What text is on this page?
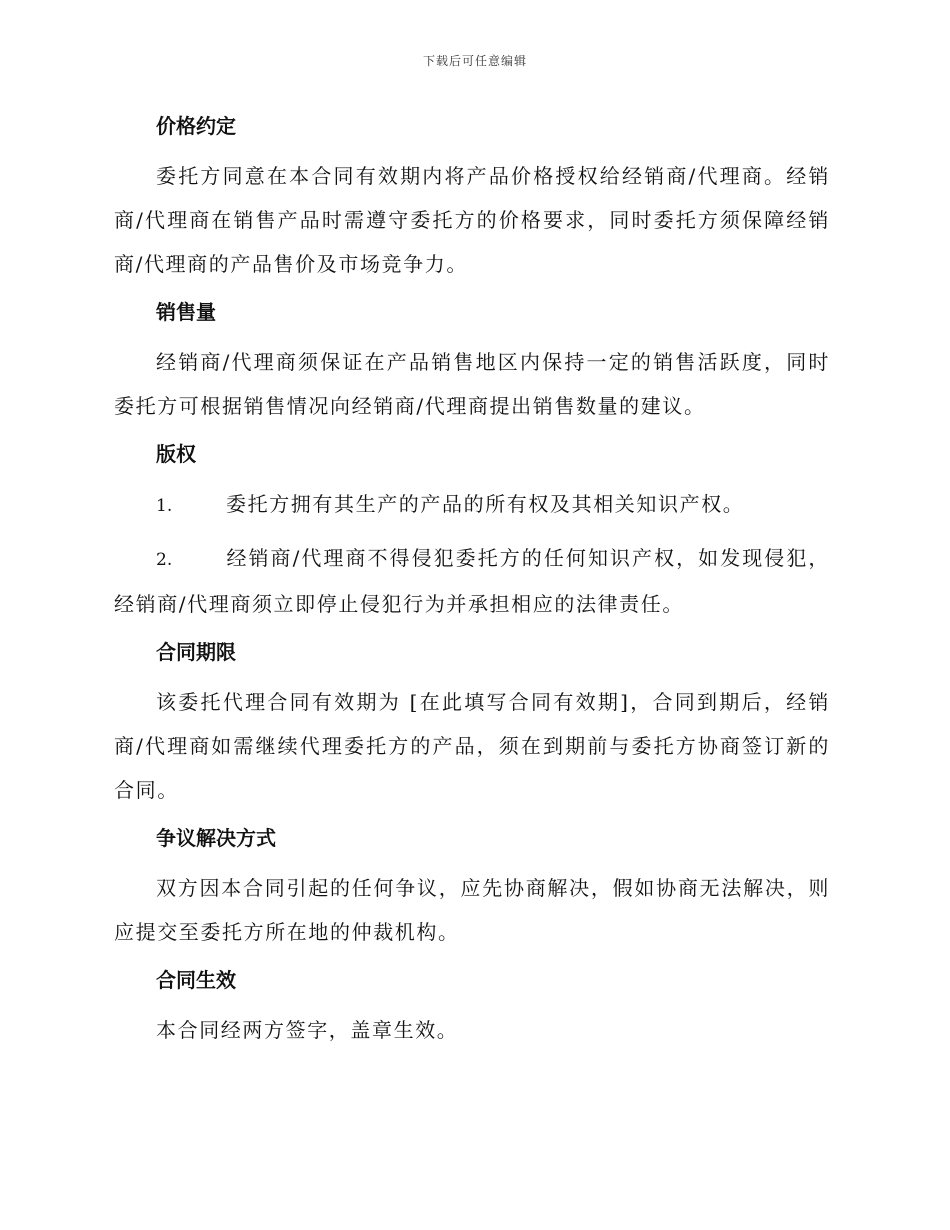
下载后可任意编辑
价格约定

委托方同意在本合同有效期内将产品价格授权给经销商/代理商。经销商/代理商在销售产品时需遵守委托方的价格要求，同时委托方须保障经销商/代理商的产品售价及市场竞争力。

销售量

经销商/代理商须保证在产品销售地区内保持一定的销售活跃度，同时委托方可根据销售情况向经销商/代理商提出销售数量的建议。

版权

1.	委托方拥有其生产的产品的所有权及其相关知识产权。

2.	经销商/代理商不得侵犯委托方的任何知识产权，如发现侵犯，经销商/代理商须立即停止侵犯行为并承担相应的法律责任。

合同期限

该委托代理合同有效期为 [在此填写合同有效期]，合同到期后，经销商/代理商如需继续代理委托方的产品，须在到期前与委托方协商签订新的合同。

争议解决方式

双方因本合同引起的任何争议，应先协商解决，假如协商无法解决，则应提交至委托方所在地的仲裁机构。

合同生效

本合同经两方签字，盖章生效。
